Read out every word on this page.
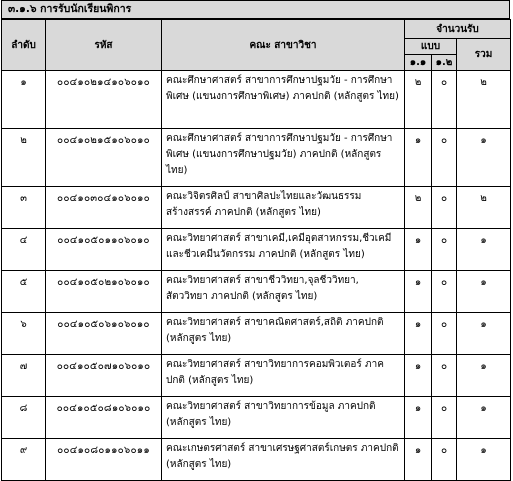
๓.๑.๖ การรับนักเรียนพิการ
ลำดับ	รหัส	คณะ สาขาวิชา	จำนวนรับ		
			แบบ		รวม
			๑.๑	๑.๒	
๑	๐๐๔๑๐๒๑๔๑๐๖๐๑๐	คณะศึกษาศาสตร์ สาขาการศึกษาปฐมวัย - การศึกษาพิเศษ (แขนงการศึกษาพิเศษ) ภาคปกติ (หลักสูตร ไทย)	๒	๐	๒
๒	๐๐๔๑๐๒๑๕๑๐๖๐๑๐	คณะศึกษาศาสตร์ สาขาการศึกษาปฐมวัย - การศึกษาพิเศษ (แขนงการศึกษาปฐมวัย) ภาคปกติ (หลักสูตร ไทย)	๑	๐	๑
๓	๐๐๔๑๐๓๐๔๑๐๖๐๑๐	คณะวิจิตรศิลป์ สาขาศิลปะไทยและวัฒนธรรมสร้างสรรค์ ภาคปกติ (หลักสูตร ไทย)	๒	๐	๒
๔	๐๐๔๑๐๕๐๑๑๐๖๐๑๐	คณะวิทยาศาสตร์ สาขาเคมี,เคมีอุตสาหกรรม,ชีวเคมีและชีวเคมีนวัตกรรม ภาคปกติ (หลักสูตร ไทย)	๑	๐	๑
๕	๐๐๔๑๐๕๐๒๑๐๖๐๑๐	คณะวิทยาศาสตร์ สาขาชีววิทยา,จุลชีววิทยา, สัตววิทยา ภาคปกติ (หลักสูตร ไทย)	๑	๐	๑
๖	๐๐๔๑๐๕๐๖๑๐๖๐๑๐	คณะวิทยาศาสตร์ สาขาคณิตศาสตร์,สถิติ ภาคปกติ (หลักสูตร ไทย)	๑	๐	๑
๗	๐๐๔๑๐๕๐๗๑๐๖๐๑๐	คณะวิทยาศาสตร์ สาขาวิทยาการคอมพิวเตอร์ ภาคปกติ (หลักสูตร ไทย)	๑	๐	๑
๘	๐๐๔๑๐๕๐๘๑๐๖๐๑๐	คณะวิทยาศาสตร์ สาขาวิทยาการข้อมูล ภาคปกติ (หลักสูตร ไทย)	๑	๐	๑
๙	๐๐๔๑๐๘๐๑๑๐๖๐๑๑	คณะเกษตรศาสตร์ สาขาเศรษฐศาสตร์เกษตร ภาคปกติ (หลักสูตร ไทย)	๑	๐	๑
